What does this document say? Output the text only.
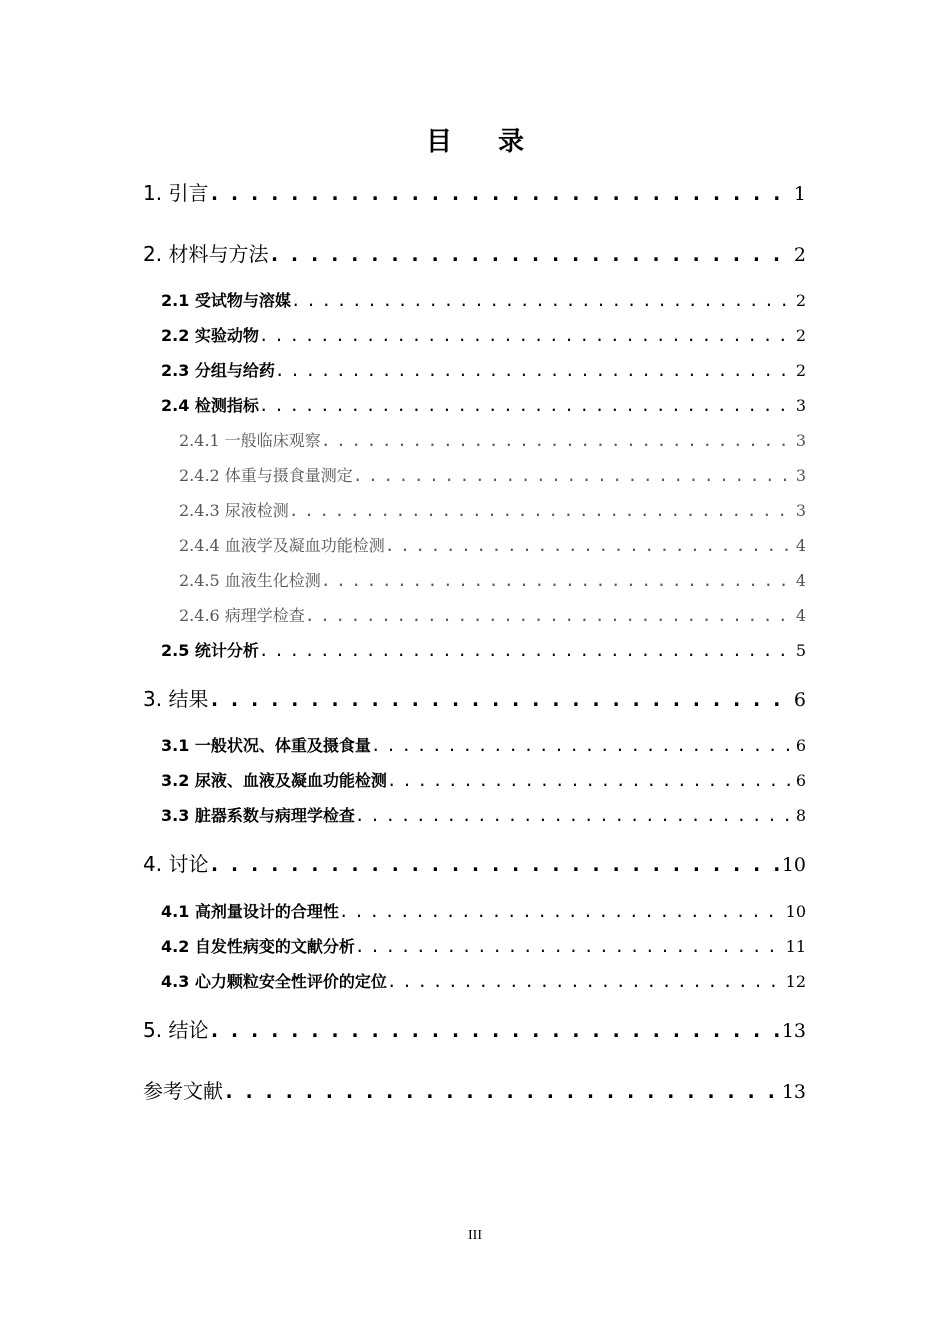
目 录
1. 引言 . . .	1
2. 材料与方法 . . .	2
2.1 受试物与溶媒 . . .	2
2.2 实验动物 . . .	2
2.3 分组与给药 . . .	2
2.4 检测指标 . . .	3
2.4.1 一般临床观察 . . .	3
2.4.2 体重与摄食量测定 . . .	3
2.4.3 尿液检测 . . .	3
2.4.4 血液学及凝血功能检测 . . .	4
2.4.5 血液生化检测 . . .	4
2.4.6 病理学检查 . . .	4
2.5 统计分析 . . .	5
3. 结果 . . .	6
3.1 一般状况、体重及摄食量 . . .	6
3.2 尿液、血液及凝血功能检测 . . .	6
3.3 脏器系数与病理学检查 . . .	8
4. 讨论 . . .	10
4.1 高剂量设计的合理性 . . .	10
4.2 自发性病变的文献分析 . . .	11
4.3 心力颗粒安全性评价的定位 . . .	12
5. 结论 . . .	13
参考文献 . . .	13
III
